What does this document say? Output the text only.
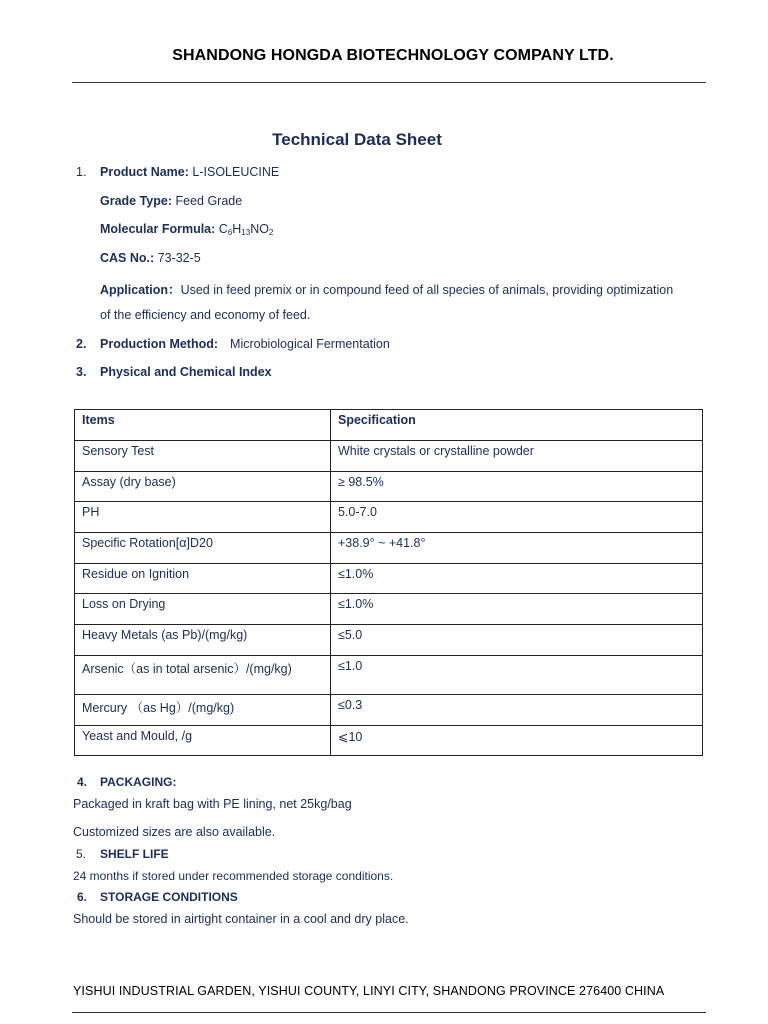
SHANDONG HONGDA BIOTECHNOLOGY COMPANY LTD.
Technical Data Sheet
1. Product Name: L-ISOLEUCINE
Grade Type: Feed Grade
Molecular Formula: $C_6H_{13}NO_2$
CAS No.: 73-32-5
Application：Used in feed premix or in compound feed of all species of animals, providing optimization
of the efficiency and economy of feed.
2. Production Method: Microbiological Fermentation
3. Physical and Chemical Index
Items	Specification
Sensory Test	White crystals or crystalline powder
Assay (dry base)	≥ 98.5%
PH	5.0-7.0
Specific Rotation[α]D20	+38.9° ~ +41.8°
Residue on Ignition	≤1.0%
Loss on Drying	≤1.0%
Heavy Metals (as Pb)/(mg/kg)	≤5.0
Arsenic（as in total arsenic）/(mg/kg)	≤1.0
Mercury （as Hg）/(mg/kg)	≤0.3
Yeast and Mould, /g	⩽10
4. PACKAGING:
Packaged in kraft bag with PE lining, net 25kg/bag
Customized sizes are also available.
5. SHELF LIFE
24 months if stored under recommended storage conditions.
6. STORAGE CONDITIONS
Should be stored in airtight container in a cool and dry place.
YISHUI INDUSTRIAL GARDEN, YISHUI COUNTY, LINYI CITY, SHANDONG PROVINCE 276400 CHINA
